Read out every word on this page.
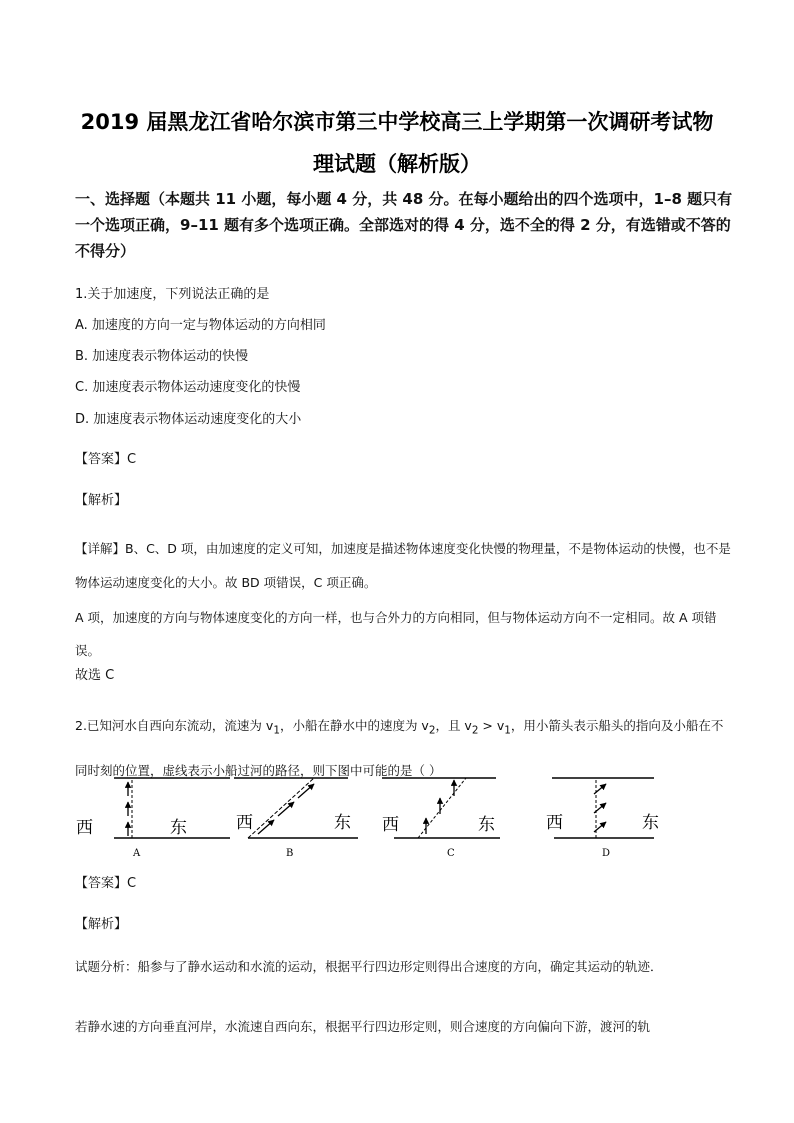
2019 届黑龙江省哈尔滨市第三中学校高三上学期第一次调研考试物
理试题（解析版）

一、选择题（本题共 11 小题，每小题 4 分，共 48 分。在每小题给出的四个选项中，1–8 题只有一个选项正确，9–11 题有多个选项正确。全部选对的得 4 分，选不全的得 2 分，有选错或不答的不得分）

1.关于加速度，下列说法正确的是

A. 加速度的方向一定与物体运动的方向相同

B. 加速度表示物体运动的快慢

C. 加速度表示物体运动速度变化的快慢

D. 加速度表示物体运动速度变化的大小

【答案】C

【解析】

【详解】B、C、D 项，由加速度的定义可知，加速度是描述物体速度变化快慢的物理量，不是物体运动的快慢，也不是物体运动速度变化的大小。故 BD 项错误，C 项正确。

A 项，加速度的方向与物体速度变化的方向一样，也与合外力的方向相同，但与物体运动方向不一定相同。故 A 项错误。

故选 C

2.已知河水自西向东流动，流速为 $v_1$，小船在静水中的速度为 $v_2$，且 $v_2 > v_1$，用小箭头表示船头的指向及小船在不同时刻的位置，虚线表示小船过河的路径，则下图中可能的是（ ）

西	东
A
西	东
B
西	东
C
西	东
D

【答案】C

【解析】

试题分析：船参与了静水运动和水流的运动，根据平行四边形定则得出合速度的方向，确定其运动的轨迹．

若静水速的方向垂直河岸，水流速自西向东，根据平行四边形定则，则合速度的方向偏向下游，渡河的轨
